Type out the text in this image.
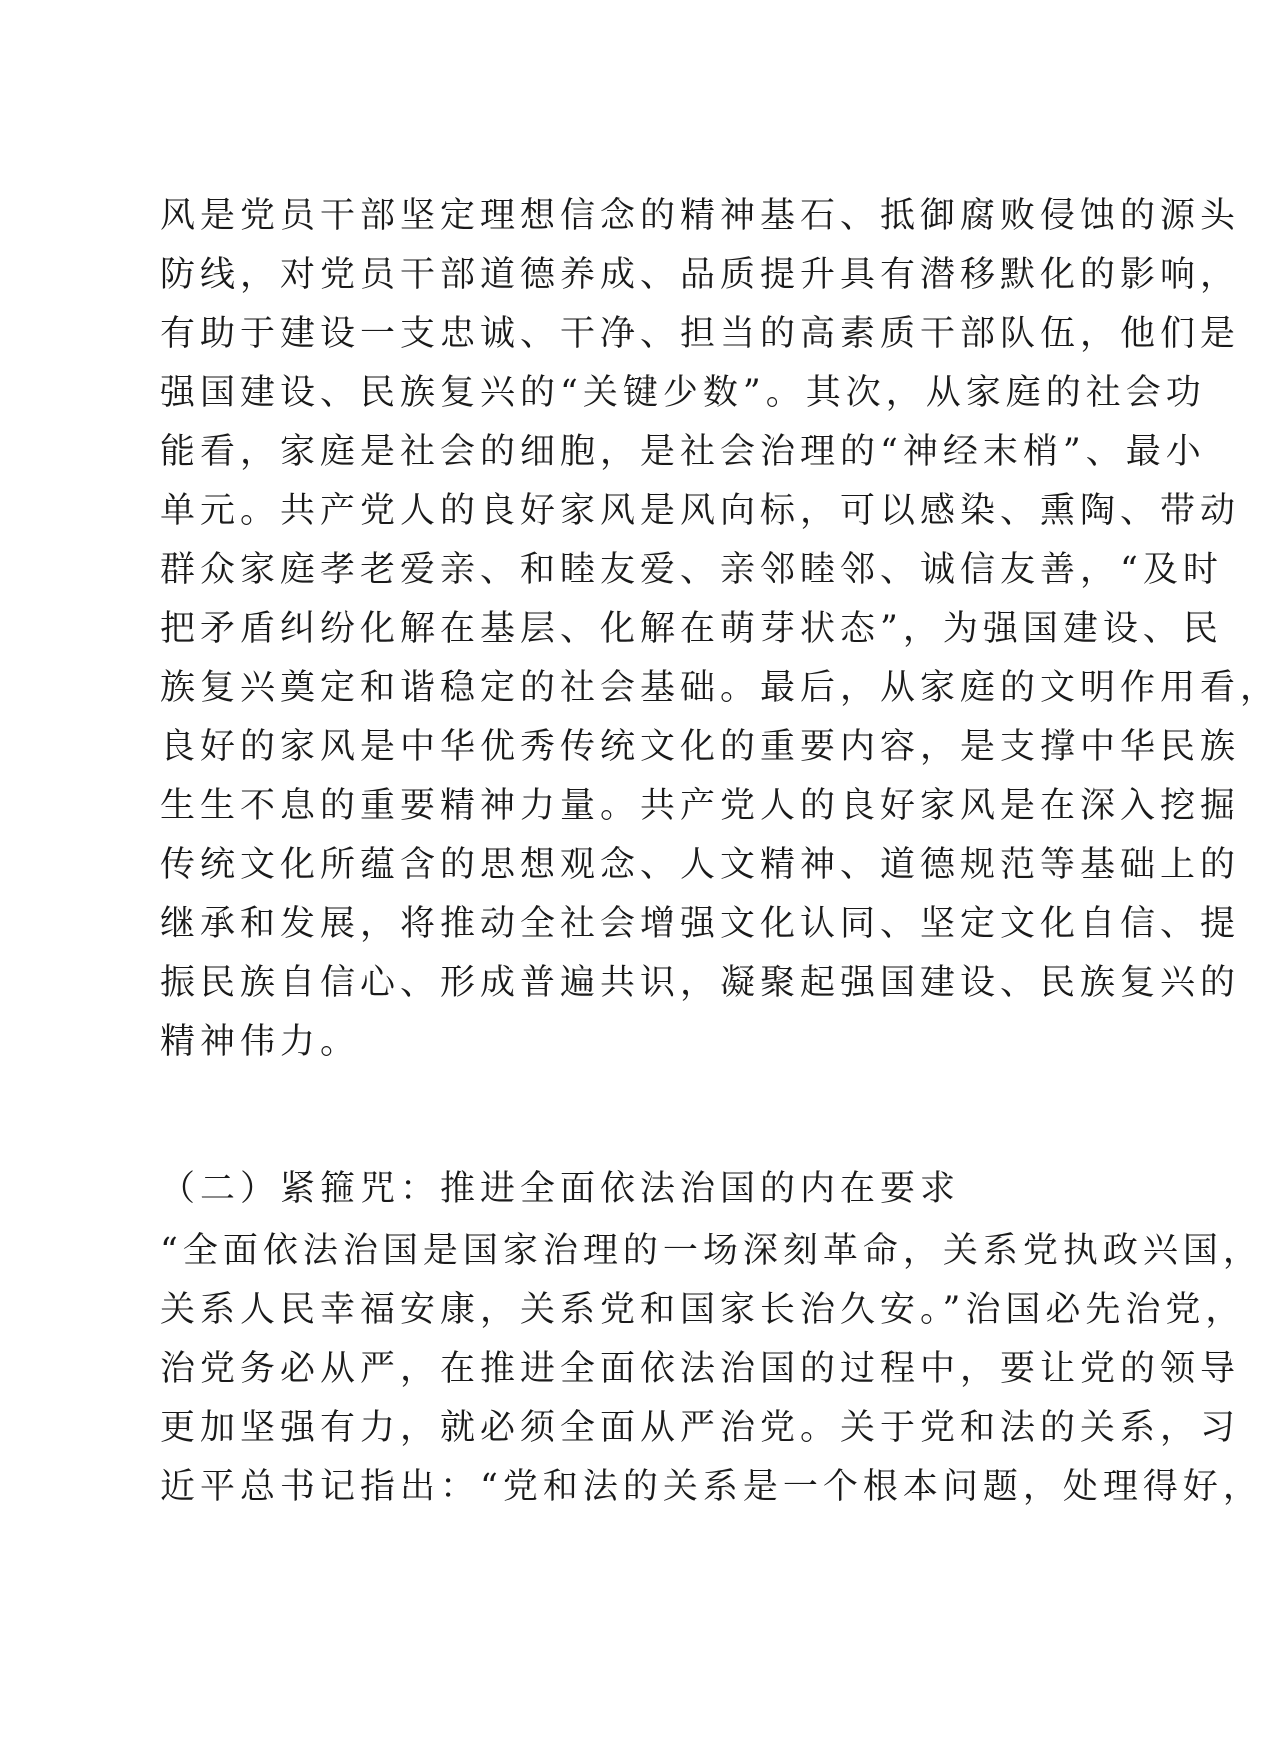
风是党员干部坚定理想信念的精神基石、抵御腐败侵蚀的源头
防线，对党员干部道德养成、品质提升具有潜移默化的影响，
有助于建设一支忠诚、干净、担当的高素质干部队伍，他们是
强国建设、民族复兴的“关键少数”。其次，从家庭的社会功
能看，家庭是社会的细胞，是社会治理的“神经末梢”、最小
单元。共产党人的良好家风是风向标，可以感染、熏陶、带动
群众家庭孝老爱亲、和睦友爱、亲邻睦邻、诚信友善，“及时
把矛盾纠纷化解在基层、化解在萌芽状态”，为强国建设、民
族复兴奠定和谐稳定的社会基础。最后，从家庭的文明作用看，
良好的家风是中华优秀传统文化的重要内容，是支撑中华民族
生生不息的重要精神力量。共产党人的良好家风是在深入挖掘
传统文化所蕴含的思想观念、人文精神、道德规范等基础上的
继承和发展，将推动全社会增强文化认同、坚定文化自信、提
振民族自信心、形成普遍共识，凝聚起强国建设、民族复兴的
精神伟力。
（二）紧箍咒：推进全面依法治国的内在要求
“全面依法治国是国家治理的一场深刻革命，关系党执政兴国，
关系人民幸福安康，关系党和国家长治久安。”治国必先治党，
治党务必从严，在推进全面依法治国的过程中，要让党的领导
更加坚强有力，就必须全面从严治党。关于党和法的关系，习
近平总书记指出：“党和法的关系是一个根本问题，处理得好，
